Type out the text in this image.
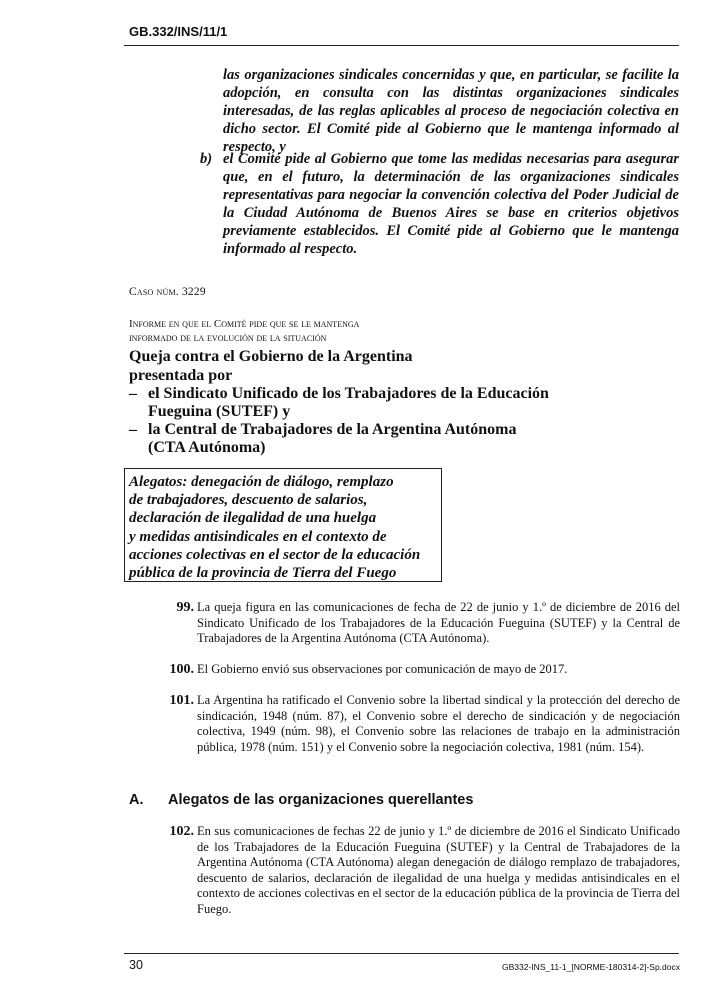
GB.332/INS/11/1
las organizaciones sindicales concernidas y que, en particular, se facilite la adopción, en consulta con las distintas organizaciones sindicales interesadas, de las reglas aplicables al proceso de negociación colectiva en dicho sector. El Comité pide al Gobierno que le mantenga informado al respecto, y
b) el Comité pide al Gobierno que tome las medidas necesarias para asegurar que, en el futuro, la determinación de las organizaciones sindicales representativas para negociar la convención colectiva del Poder Judicial de la Ciudad Autónoma de Buenos Aires se base en criterios objetivos previamente establecidos. El Comité pide al Gobierno que le mantenga informado al respecto.
Caso núm. 3229
Informe en que el Comité pide que se le mantenga
informado de la evolución de la situación
Queja contra el Gobierno de la Argentina
presentada por
– el Sindicato Unificado de los Trabajadores de la Educación
Fueguina (SUTEF) y
– la Central de Trabajadores de la Argentina Autónoma
(CTA Autónoma)
Alegatos: denegación de diálogo, remplazo
de trabajadores, descuento de salarios,
declaración de ilegalidad de una huelga
y medidas antisindicales en el contexto de
acciones colectivas en el sector de la educación
pública de la provincia de Tierra del Fuego
99. La queja figura en las comunicaciones de fecha de 22 de junio y 1.º de diciembre de 2016 del Sindicato Unificado de los Trabajadores de la Educación Fueguina (SUTEF) y la Central de Trabajadores de la Argentina Autónoma (CTA Autónoma).
100. El Gobierno envió sus observaciones por comunicación de mayo de 2017.
101. La Argentina ha ratificado el Convenio sobre la libertad sindical y la protección del derecho de sindicación, 1948 (núm. 87), el Convenio sobre el derecho de sindicación y de negociación colectiva, 1949 (núm. 98), el Convenio sobre las relaciones de trabajo en la administración pública, 1978 (núm. 151) y el Convenio sobre la negociación colectiva, 1981 (núm. 154).
A. Alegatos de las organizaciones querellantes
102. En sus comunicaciones de fechas 22 de junio y 1.º de diciembre de 2016 el Sindicato Unificado de los Trabajadores de la Educación Fueguina (SUTEF) y la Central de Trabajadores de la Argentina Autónoma (CTA Autónoma) alegan denegación de diálogo remplazo de trabajadores, descuento de salarios, declaración de ilegalidad de una huelga y medidas antisindicales en el contexto de acciones colectivas en el sector de la educación pública de la provincia de Tierra del Fuego.
30	GB332-INS_11-1_[NORME-180314-2]-Sp.docx
